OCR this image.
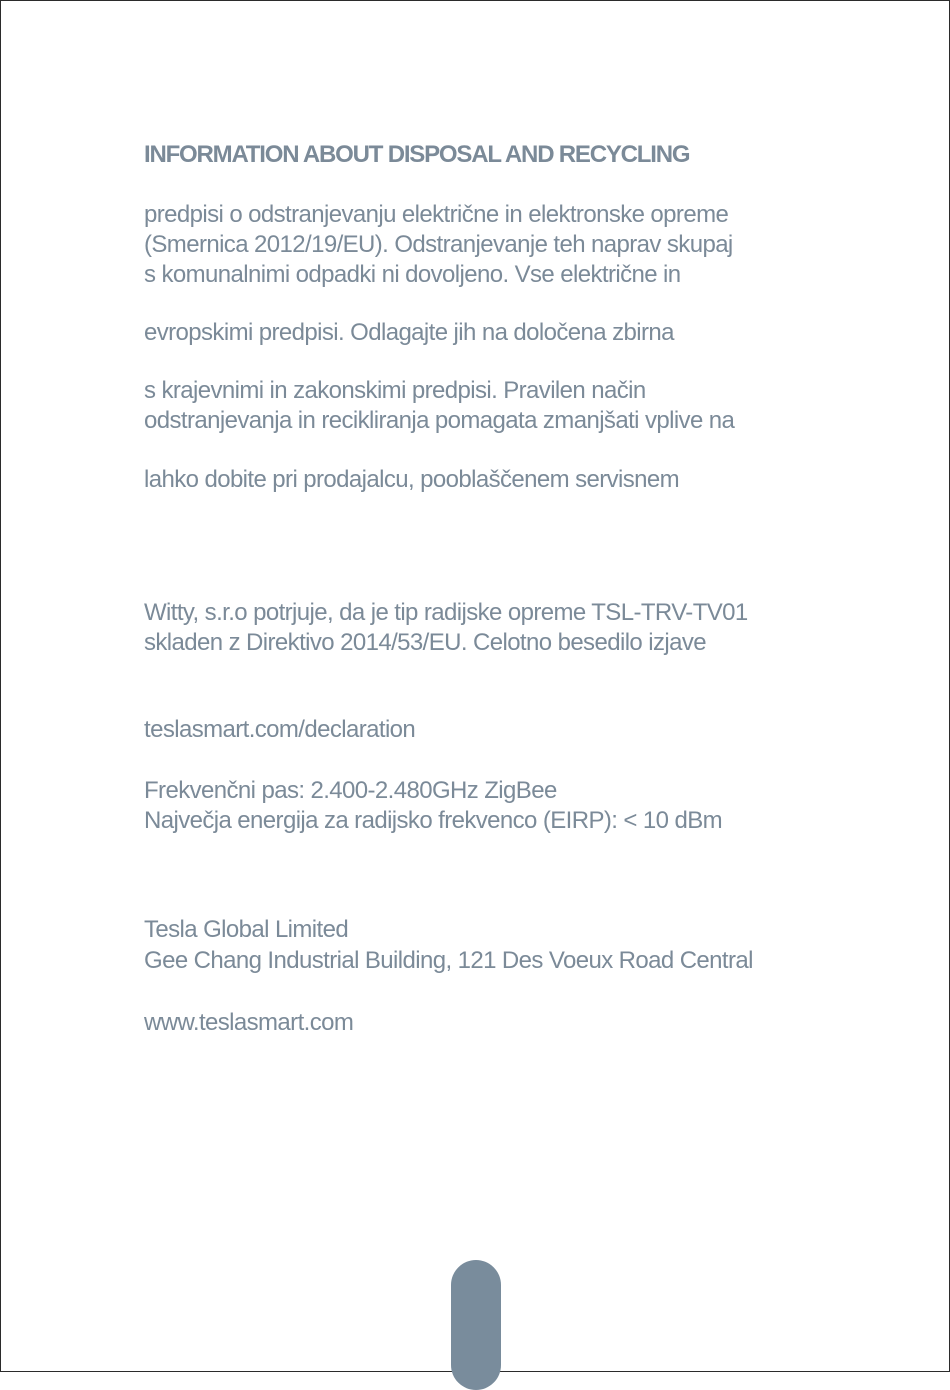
INFORMATION ABOUT DISPOSAL AND RECYCLING

predpisi o odstranjevanju električne in elektronske opreme

(Smernica 2012/19/EU). Odstranjevanje teh naprav skupaj

s komunalnimi odpadki ni dovoljeno. Vse električne in

evropskimi predpisi. Odlagajte jih na določena zbirna

s krajevnimi in zakonskimi predpisi. Pravilen način

odstranjevanja in recikliranja pomagata zmanjšati vplive na

lahko dobite pri prodajalcu, pooblaščenem servisnem

Witty, s.r.o potrjuje, da je tip radijske opreme TSL-TRV-TV01

skladen z Direktivo 2014/53/EU. Celotno besedilo izjave

teslasmart.com/declaration

Frekvenčni pas: 2.400-2.480GHz ZigBee

Največja energija za radijsko frekvenco (EIRP): < 10 dBm

Tesla Global Limited

Gee Chang Industrial Building, 121 Des Voeux Road Central

www.teslasmart.com
